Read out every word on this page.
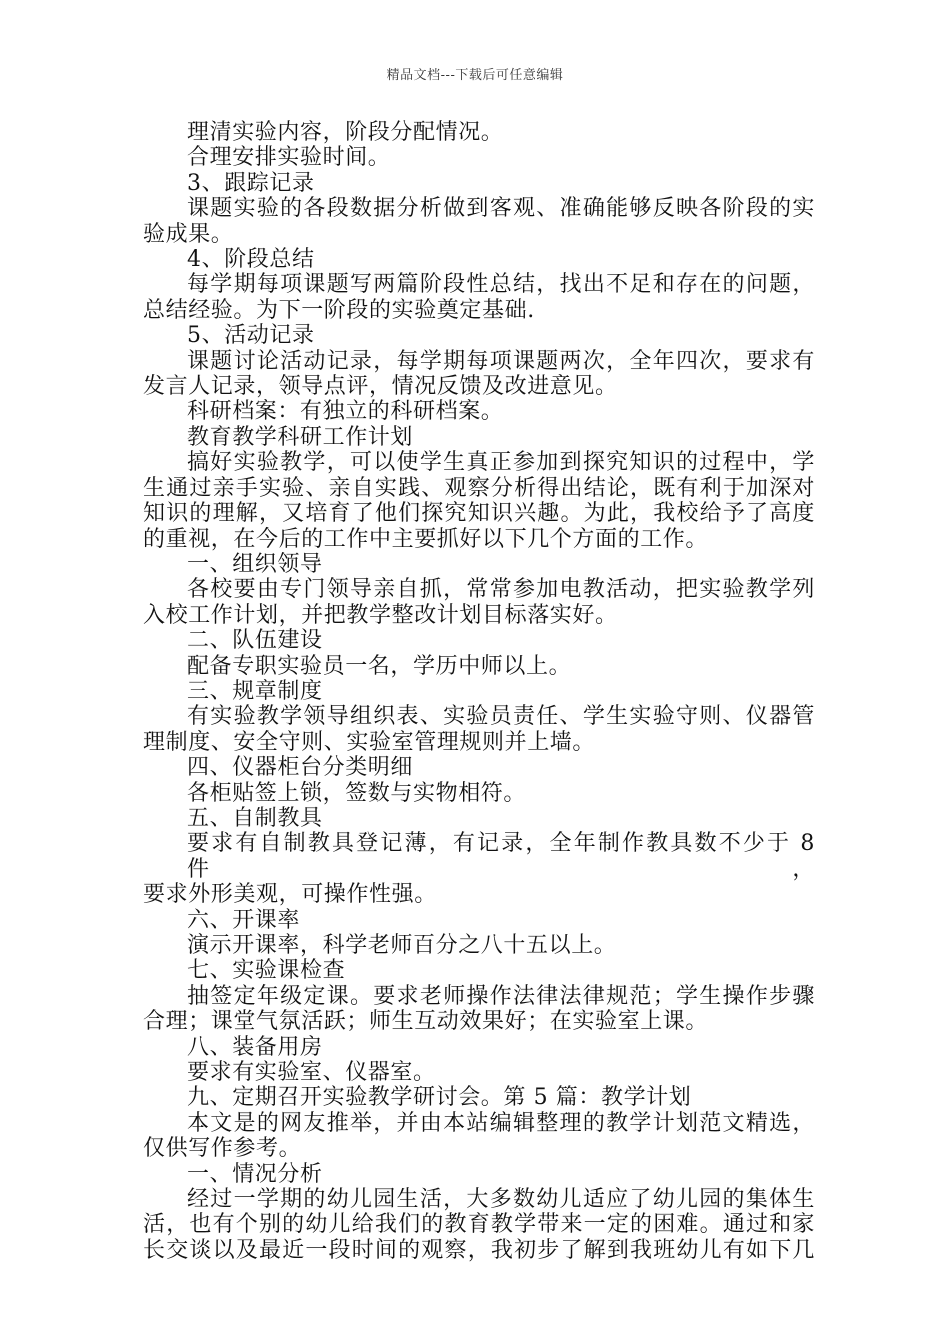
精品文档---下载后可任意编辑

理清实验内容，阶段分配情况。

合理安排实验时间。

3、跟踪记录

课题实验的各段数据分析做到客观、准确能够反映各阶段的实

验成果。

4、阶段总结

每学期每项课题写两篇阶段性总结，找出不足和存在的问题，

总结经验。为下一阶段的实验奠定基础.

5、活动记录

课题讨论活动记录，每学期每项课题两次，全年四次，要求有

发言人记录，领导点评，情况反馈及改进意见。

科研档案：有独立的科研档案。

教育教学科研工作计划

搞好实验教学，可以使学生真正参加到探究知识的过程中，学

生通过亲手实验、亲自实践、观察分析得出结论，既有利于加深对

知识的理解，又培育了他们探究知识兴趣。为此，我校给予了高度

的重视，在今后的工作中主要抓好以下几个方面的工作。

一、组织领导

各校要由专门领导亲自抓，常常参加电教活动，把实验教学列

入校工作计划，并把教学整改计划目标落实好。

二、队伍建设

配备专职实验员一名，学历中师以上。

三、规章制度

有实验教学领导组织表、实验员责任、学生实验守则、仪器管

理制度、安全守则、实验室管理规则并上墙。

四、仪器柜台分类明细

各柜贴签上锁，签数与实物相符。

五、自制教具

要求有自制教具登记薄，有记录，全年制作教具数不少于 8 件，

要求外形美观，可操作性强。

六、开课率

演示开课率，科学老师百分之八十五以上。

七、实验课检查

抽签定年级定课。要求老师操作法律法律规范；学生操作步骤

合理；课堂气氛活跃；师生互动效果好；在实验室上课。

八、装备用房

要求有实验室、仪器室。

九、定期召开实验教学研讨会。第 5 篇：教学计划

本文是的网友推举，并由本站编辑整理的教学计划范文精选，

仅供写作参考。

一、情况分析

经过一学期的幼儿园生活，大多数幼儿适应了幼儿园的集体生

活，也有个别的幼儿给我们的教育教学带来一定的困难。通过和家

长交谈以及最近一段时间的观察，我初步了解到我班幼儿有如下几
